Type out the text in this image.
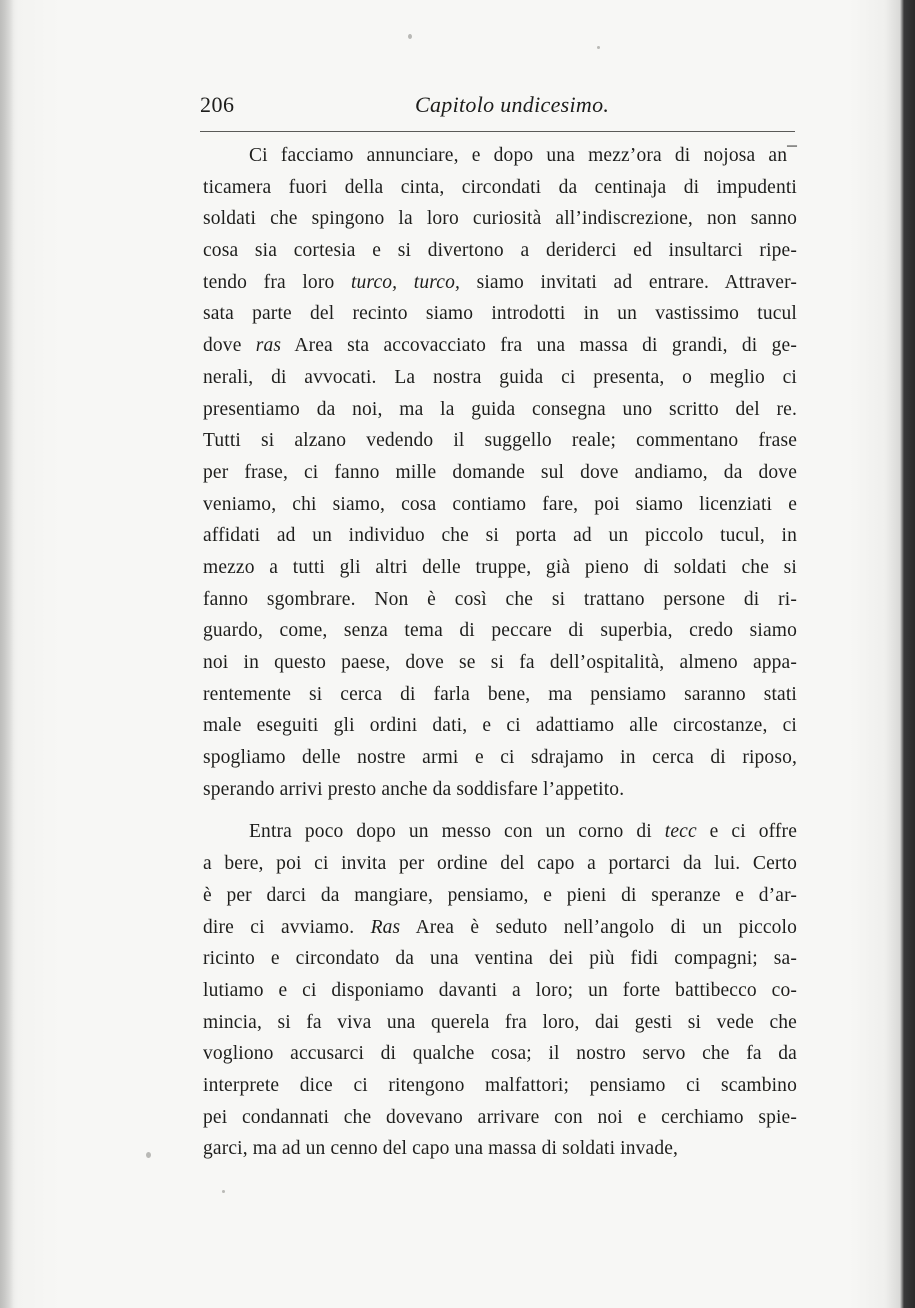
206	Capitolo undicesimo.
Ci facciamo annunciare, e dopo una mezz’ora di nojosa an¯
ticamera fuori della cinta, circondati da centinaja di impudenti
soldati che spingono la loro curiosità all’indiscrezione, non sanno
cosa sia cortesia e si divertono a deriderci ed insultarci ripe-
tendo fra loro turco, turco, siamo invitati ad entrare. Attraver-
sata parte del recinto siamo introdotti in un vastissimo tucul
dove ras Area sta accovacciato fra una massa di grandi, di ge-
nerali, di avvocati. La nostra guida ci presenta, o meglio ci
presentiamo da noi, ma la guida consegna uno scritto del re.
Tutti si alzano vedendo il suggello reale; commentano frase
per frase, ci fanno mille domande sul dove andiamo, da dove
veniamo, chi siamo, cosa contiamo fare, poi siamo licenziati e
affidati ad un individuo che si porta ad un piccolo tucul, in
mezzo a tutti gli altri delle truppe, già pieno di soldati che si
fanno sgombrare. Non è così che si trattano persone di ri-
guardo, come, senza tema di peccare di superbia, credo siamo
noi in questo paese, dove se si fa dell’ospitalità, almeno appa-
rentemente si cerca di farla bene, ma pensiamo saranno stati
male eseguiti gli ordini dati, e ci adattiamo alle circostanze, ci
spogliamo delle nostre armi e ci sdrajamo in cerca di riposo,
sperando arrivi presto anche da soddisfare l’appetito.
Entra poco dopo un messo con un corno di tecc e ci offre
a bere, poi ci invita per ordine del capo a portarci da lui. Certo
è per darci da mangiare, pensiamo, e pieni di speranze e d’ar-
dire ci avviamo. Ras Area è seduto nell’angolo di un piccolo
ricinto e circondato da una ventina dei più fidi compagni; sa-
lutiamo e ci disponiamo davanti a loro; un forte battibecco co-
mincia, si fa viva una querela fra loro, dai gesti si vede che
vogliono accusarci di qualche cosa; il nostro servo che fa da
interprete dice ci ritengono malfattori; pensiamo ci scambino
pei condannati che dovevano arrivare con noi e cerchiamo spie-
garci, ma ad un cenno del capo una massa di soldati invade,
